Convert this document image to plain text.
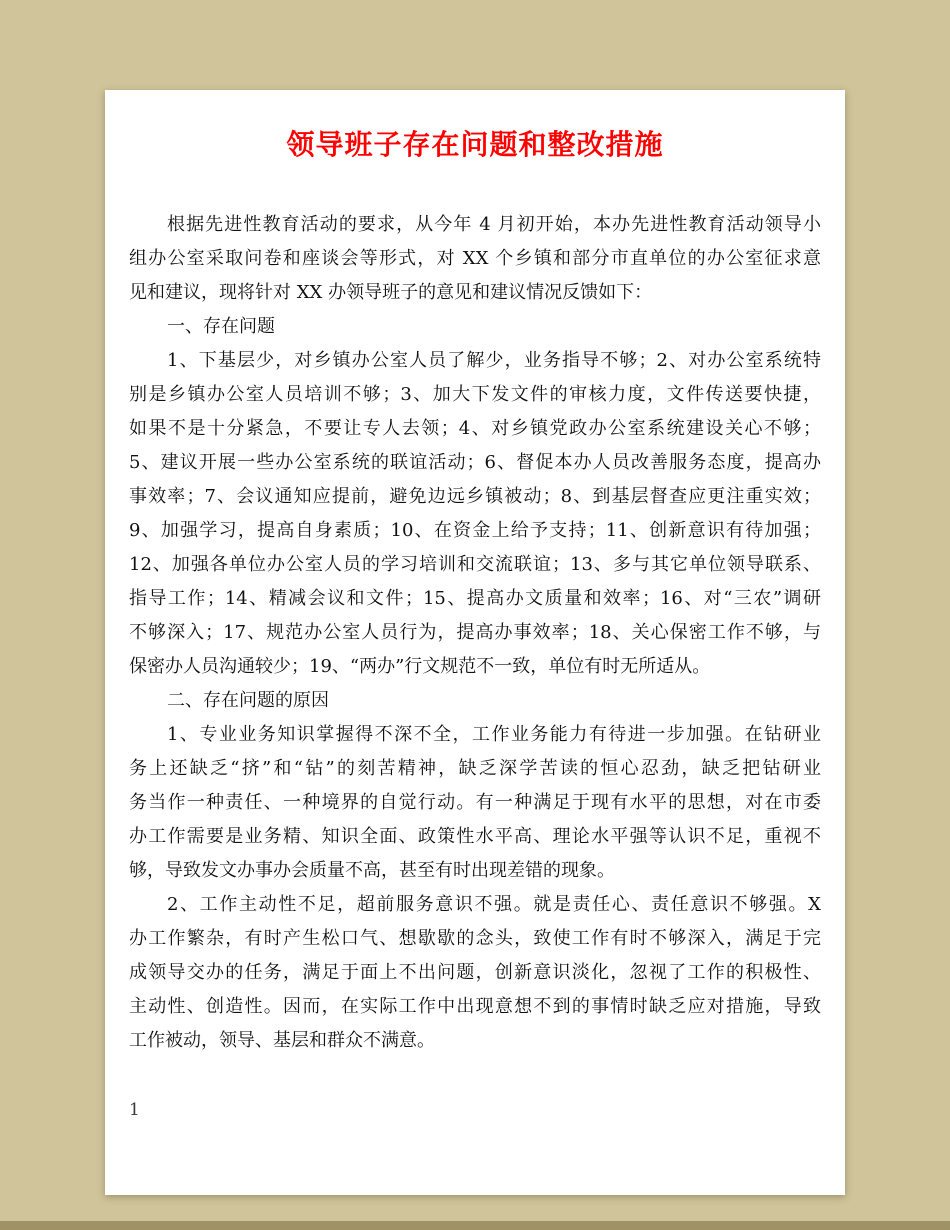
领导班子存在问题和整改措施
根据先进性教育活动的要求，从今年 4 月初开始，本办先进性教育活动领导小
组办公室采取问卷和座谈会等形式，对 XX 个乡镇和部分市直单位的办公室征求意
见和建议，现将针对 XX 办领导班子的意见和建议情况反馈如下：
一、存在问题
1、下基层少，对乡镇办公室人员了解少，业务指导不够；2、对办公室系统特
别是乡镇办公室人员培训不够；3、加大下发文件的审核力度，文件传送要快捷，
如果不是十分紧急，不要让专人去领；4、对乡镇党政办公室系统建设关心不够；
5、建议开展一些办公室系统的联谊活动；6、督促本办人员改善服务态度，提高办
事效率；7、会议通知应提前，避免边远乡镇被动；8、到基层督查应更注重实效；
9、加强学习，提高自身素质；10、在资金上给予支持；11、创新意识有待加强；
12、加强各单位办公室人员的学习培训和交流联谊；13、多与其它单位领导联系、
指导工作；14、精减会议和文件；15、提高办文质量和效率；16、对“三农”调研
不够深入；17、规范办公室人员行为，提高办事效率；18、关心保密工作不够，与
保密办人员沟通较少；19、“两办”行文规范不一致，单位有时无所适从。
二、存在问题的原因
1、专业业务知识掌握得不深不全，工作业务能力有待进一步加强。在钻研业
务上还缺乏“挤”和“钻”的刻苦精神，缺乏深学苦读的恒心忍劲，缺乏把钻研业
务当作一种责任、一种境界的自觉行动。有一种满足于现有水平的思想，对在市委
办工作需要是业务精、知识全面、政策性水平高、理论水平强等认识不足，重视不
够，导致发文办事办会质量不高，甚至有时出现差错的现象。
2、工作主动性不足，超前服务意识不强。就是责任心、责任意识不够强。X
办工作繁杂，有时产生松口气、想歇歇的念头，致使工作有时不够深入，满足于完
成领导交办的任务，满足于面上不出问题，创新意识淡化，忽视了工作的积极性、
主动性、创造性。因而，在实际工作中出现意想不到的事情时缺乏应对措施，导致
工作被动，领导、基层和群众不满意。
1
